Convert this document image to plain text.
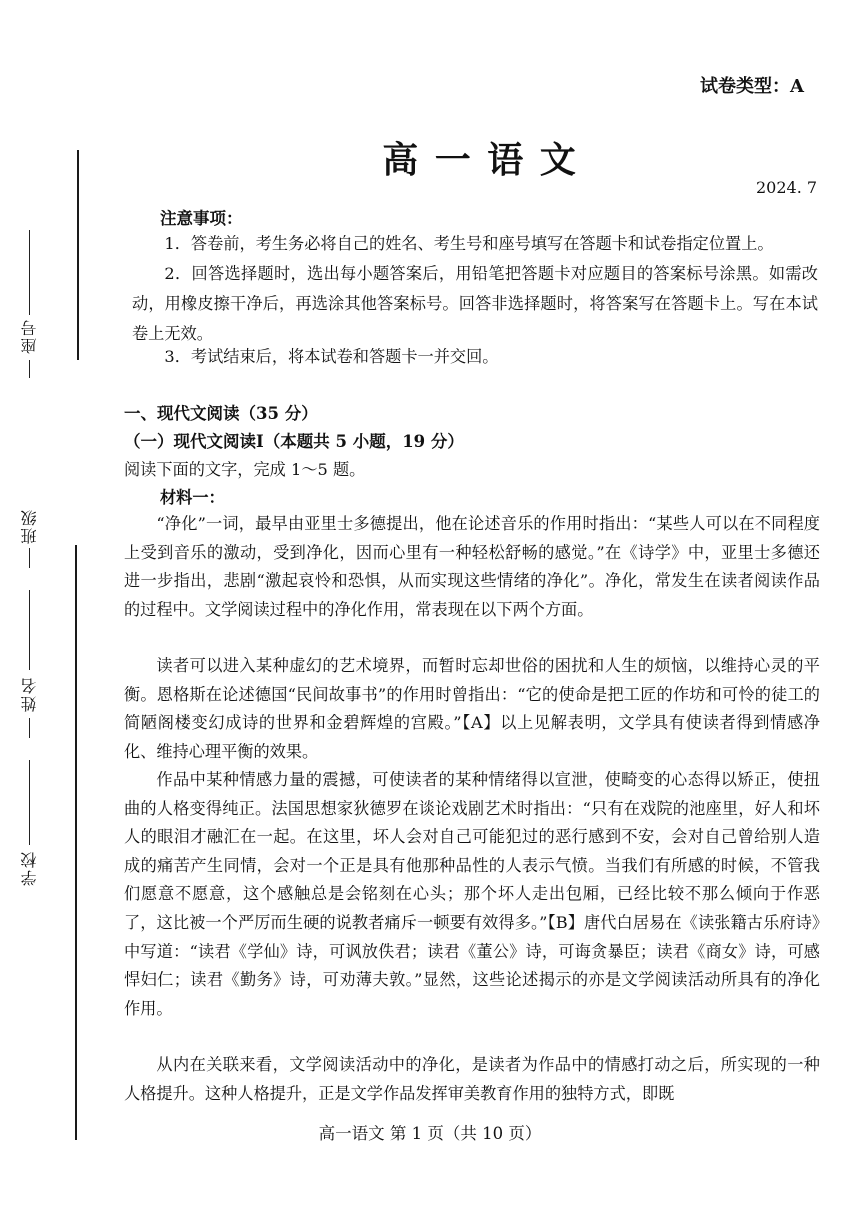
座号
班级
姓名
学校
试卷类型：A
高 一 语 文
2024. 7
注意事项：

1．答卷前，考生务必将自己的姓名、考生号和座号填写在答题卡和试卷指定位置上。

2．回答选择题时，选出每小题答案后，用铅笔把答题卡对应题目的答案标号涂黑。如需改动，用橡皮擦干净后，再选涂其他答案标号。回答非选择题时，将答案写在答题卡上。写在本试卷上无效。

3．考试结束后，将本试卷和答题卡一并交回。

一、现代文阅读（35 分）
（一）现代文阅读Ⅰ（本题共 5 小题，19 分）
阅读下面的文字，完成 1～5 题。
材料一：

“净化”一词，最早由亚里士多德提出，他在论述音乐的作用时指出：“某些人可以在不同程度上受到音乐的激动，受到净化，因而心里有一种轻松舒畅的感觉。”在《诗学》中，亚里士多德还进一步指出，悲剧“激起哀怜和恐惧，从而实现这些情绪的净化”。净化，常发生在读者阅读作品的过程中。文学阅读过程中的净化作用，常表现在以下两个方面。

读者可以进入某种虚幻的艺术境界，而暂时忘却世俗的困扰和人生的烦恼，以维持心灵的平衡。恩格斯在论述德国“民间故事书”的作用时曾指出：“它的使命是把工匠的作坊和可怜的徒工的简陋阁楼变幻成诗的世界和金碧辉煌的宫殿。”【A】以上见解表明，文学具有使读者得到情感净化、维持心理平衡的效果。

作品中某种情感力量的震撼，可使读者的某种情绪得以宣泄，使畸变的心态得以矫正，使扭曲的人格变得纯正。法国思想家狄德罗在谈论戏剧艺术时指出：“只有在戏院的池座里，好人和坏人的眼泪才融汇在一起。在这里，坏人会对自己可能犯过的恶行感到不安，会对自己曾给别人造成的痛苦产生同情，会对一个正是具有他那种品性的人表示气愤。当我们有所感的时候，不管我们愿意不愿意，这个感触总是会铭刻在心头；那个坏人走出包厢，已经比较不那么倾向于作恶了，这比被一个严厉而生硬的说教者痛斥一顿要有效得多。”【B】唐代白居易在《读张籍古乐府诗》中写道：“读君《学仙》诗，可讽放佚君；读君《董公》诗，可诲贪暴臣；读君《商女》诗，可感悍妇仁；读君《勤务》诗，可劝薄夫敦。”显然，这些论述揭示的亦是文学阅读活动所具有的净化作用。

从内在关联来看，文学阅读活动中的净化，是读者为作品中的情感打动之后，所实现的一种人格提升。这种人格提升，正是文学作品发挥审美教育作用的独特方式，即既

高一语文 第 1 页（共 10 页）
